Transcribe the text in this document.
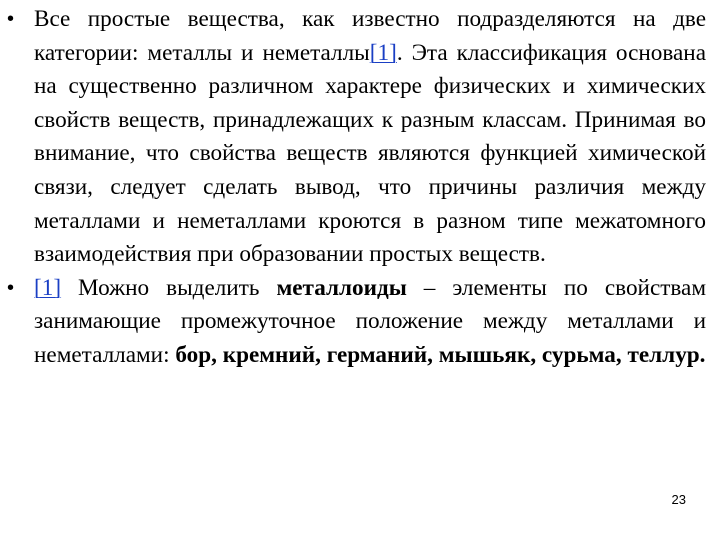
• Все простые вещества, как известно подразделяются на две категории: металлы и неметаллы[1]. Эта классификация основана на существенно различном характере физических и химических свойств веществ, принадлежащих к разным классам. Принимая во внимание, что свойства веществ являются функцией химической связи, следует сделать вывод, что причины различия между металлами и неметаллами кроются в разном типе межатомного взаимодействия при образовании простых веществ.
• [1] Можно выделить металлоиды – элементы по свойствам занимающие промежуточное положение между металлами и неметаллами: бор, кремний, германий, мышьяк, сурьма, теллур.
23
